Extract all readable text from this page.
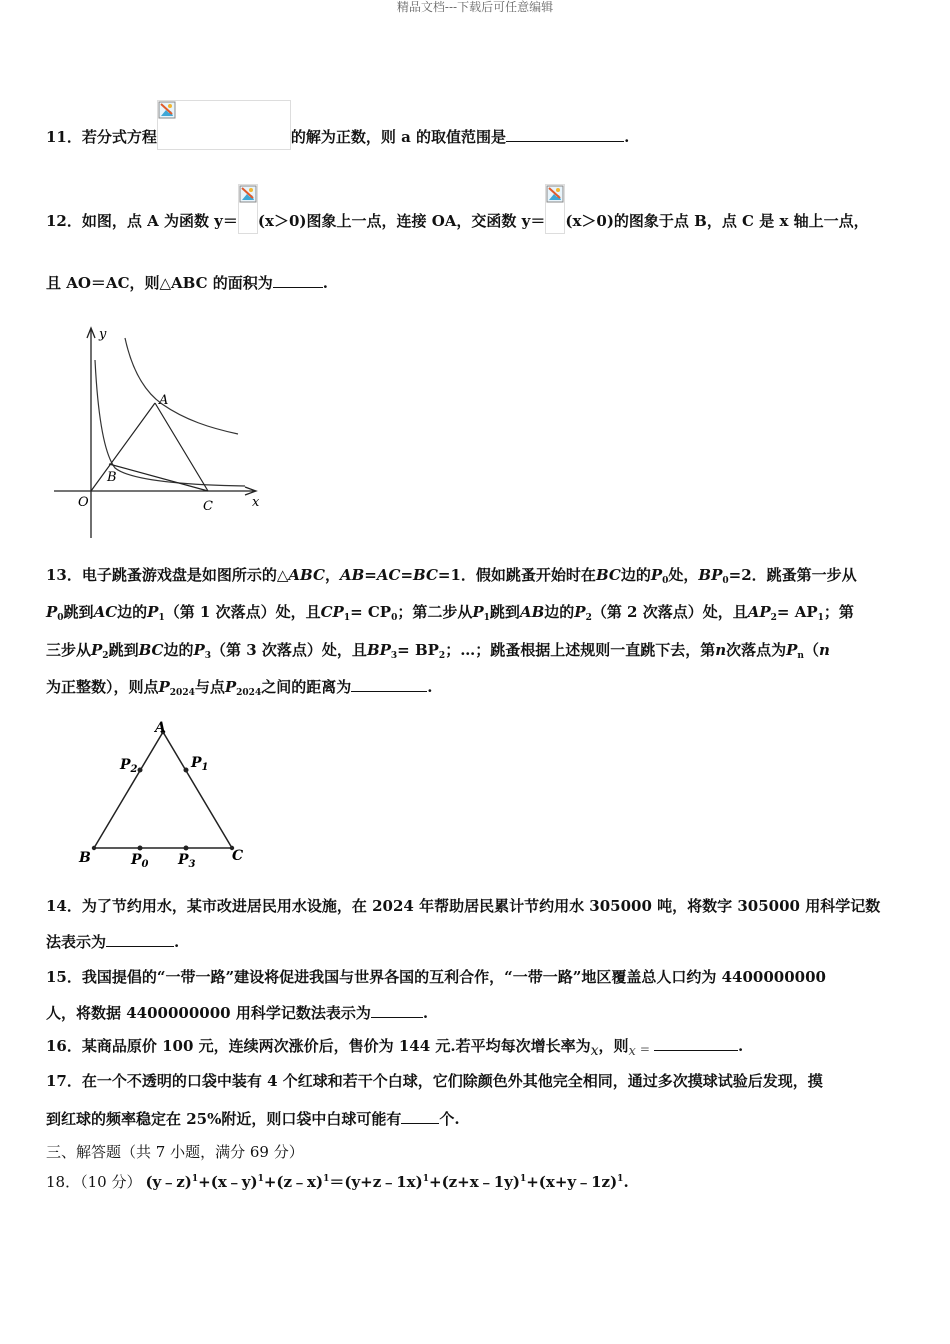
精品文档---下载后可任意编辑
11．若分式方程	的解为正数，则 a 的取值范围是	.
12．如图，点 A 为函数 y＝ (x＞0)图象上一点，连接 OA，交函数 y＝ (x＞0)的图象于点 B，点 C 是 x 轴上一点，
且 AO＝AC，则△ABC 的面积为	.
y
x
O
A
B
C
13．电子跳蚤游戏盘是如图所示的△ABC，AB=AC=BC=1．假如跳蚤开始时在BC边的$P_0$处，$BP_0=2$．跳蚤第一步从
$P_0$跳到AC边的$P_1$（第 1 次落点）处，且$CP_1= CP_0$；第二步从$P_1$跳到AB边的$P_2$（第 2 次落点）处，且$AP_2= AP_1$；第
三步从$P_2$跳到BC边的$P_3$（第 3 次落点）处，且$BP_3= BP_2$；…；跳蚤根据上述规则一直跳下去，第n次落点为$P_n(n$
为正整数），则点$P_{2024}$与点$P_{2024}$之间的距离为	.
A
B	C
$P_2$	$P_1$
$P_0$ $P_3$
14．为了节约用水，某市改进居民用水设施，在 2024 年帮助居民累计节约用水 305000 吨，将数字 305000 用科学记数
法表示为	.
15．我国提倡的“一带一路”建设将促进我国与世界各国的互利合作，“一带一路”地区覆盖总人口约为 4400000000
人，将数据 4400000000 用科学记数法表示为	.
16．某商品原价 100 元，连续两次涨价后，售价为 144 元.若平均每次增长率为x，则x =	.
17．在一个不透明的口袋中装有 4 个红球和若干个白球，它们除颜色外其他完全相同，通过多次摸球试验后发现，摸
到红球的频率稳定在 25%附近，则口袋中白球可能有	个.
三、解答题（共 7 小题，满分 69 分）
18．（10 分） (y﹣z)$^1$+(x﹣y)$^1$+(z﹣x)$^1$＝(y+z﹣1x)$^1$+(z+x﹣1y)$^1$+(x+y﹣1z)$^1$.
